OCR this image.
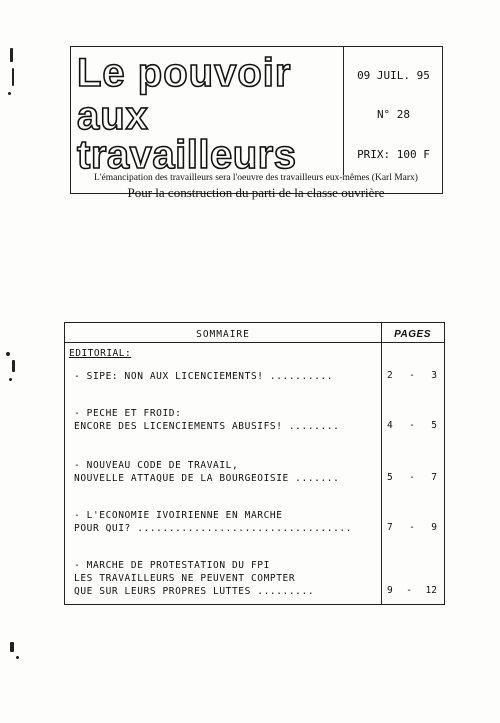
Le pouvoir

aux

travailleurs

09 JUIL. 95
N° 28
PRIX: 100 F
L'émancipation des travailleurs sera l'oeuvre des travailleurs eux-mêmes (Karl Marx)
Pour la construction du parti de la classe ouvrière
SOMMAIRE	PAGES
EDITORIAL:
- SIPE: NON AUX LICENCIEMENTS! ..........	2 - 3
- PECHE ET FROID:
ENCORE DES LICENCIEMENTS ABUSIFS! ........	4 - 5
- NOUVEAU CODE DE TRAVAIL,
NOUVELLE ATTAQUE DE LA BOURGEOISIE .......	5 - 7
- L'ECONOMIE IVOIRIENNE EN MARCHE
POUR QUI? ..................................	7 - 9
- MARCHE DE PROTESTATION DU FPI
LES TRAVAILLEURS NE PEUVENT COMPTER
QUE SUR LEURS PROPRES LUTTES .........	9 - 12
